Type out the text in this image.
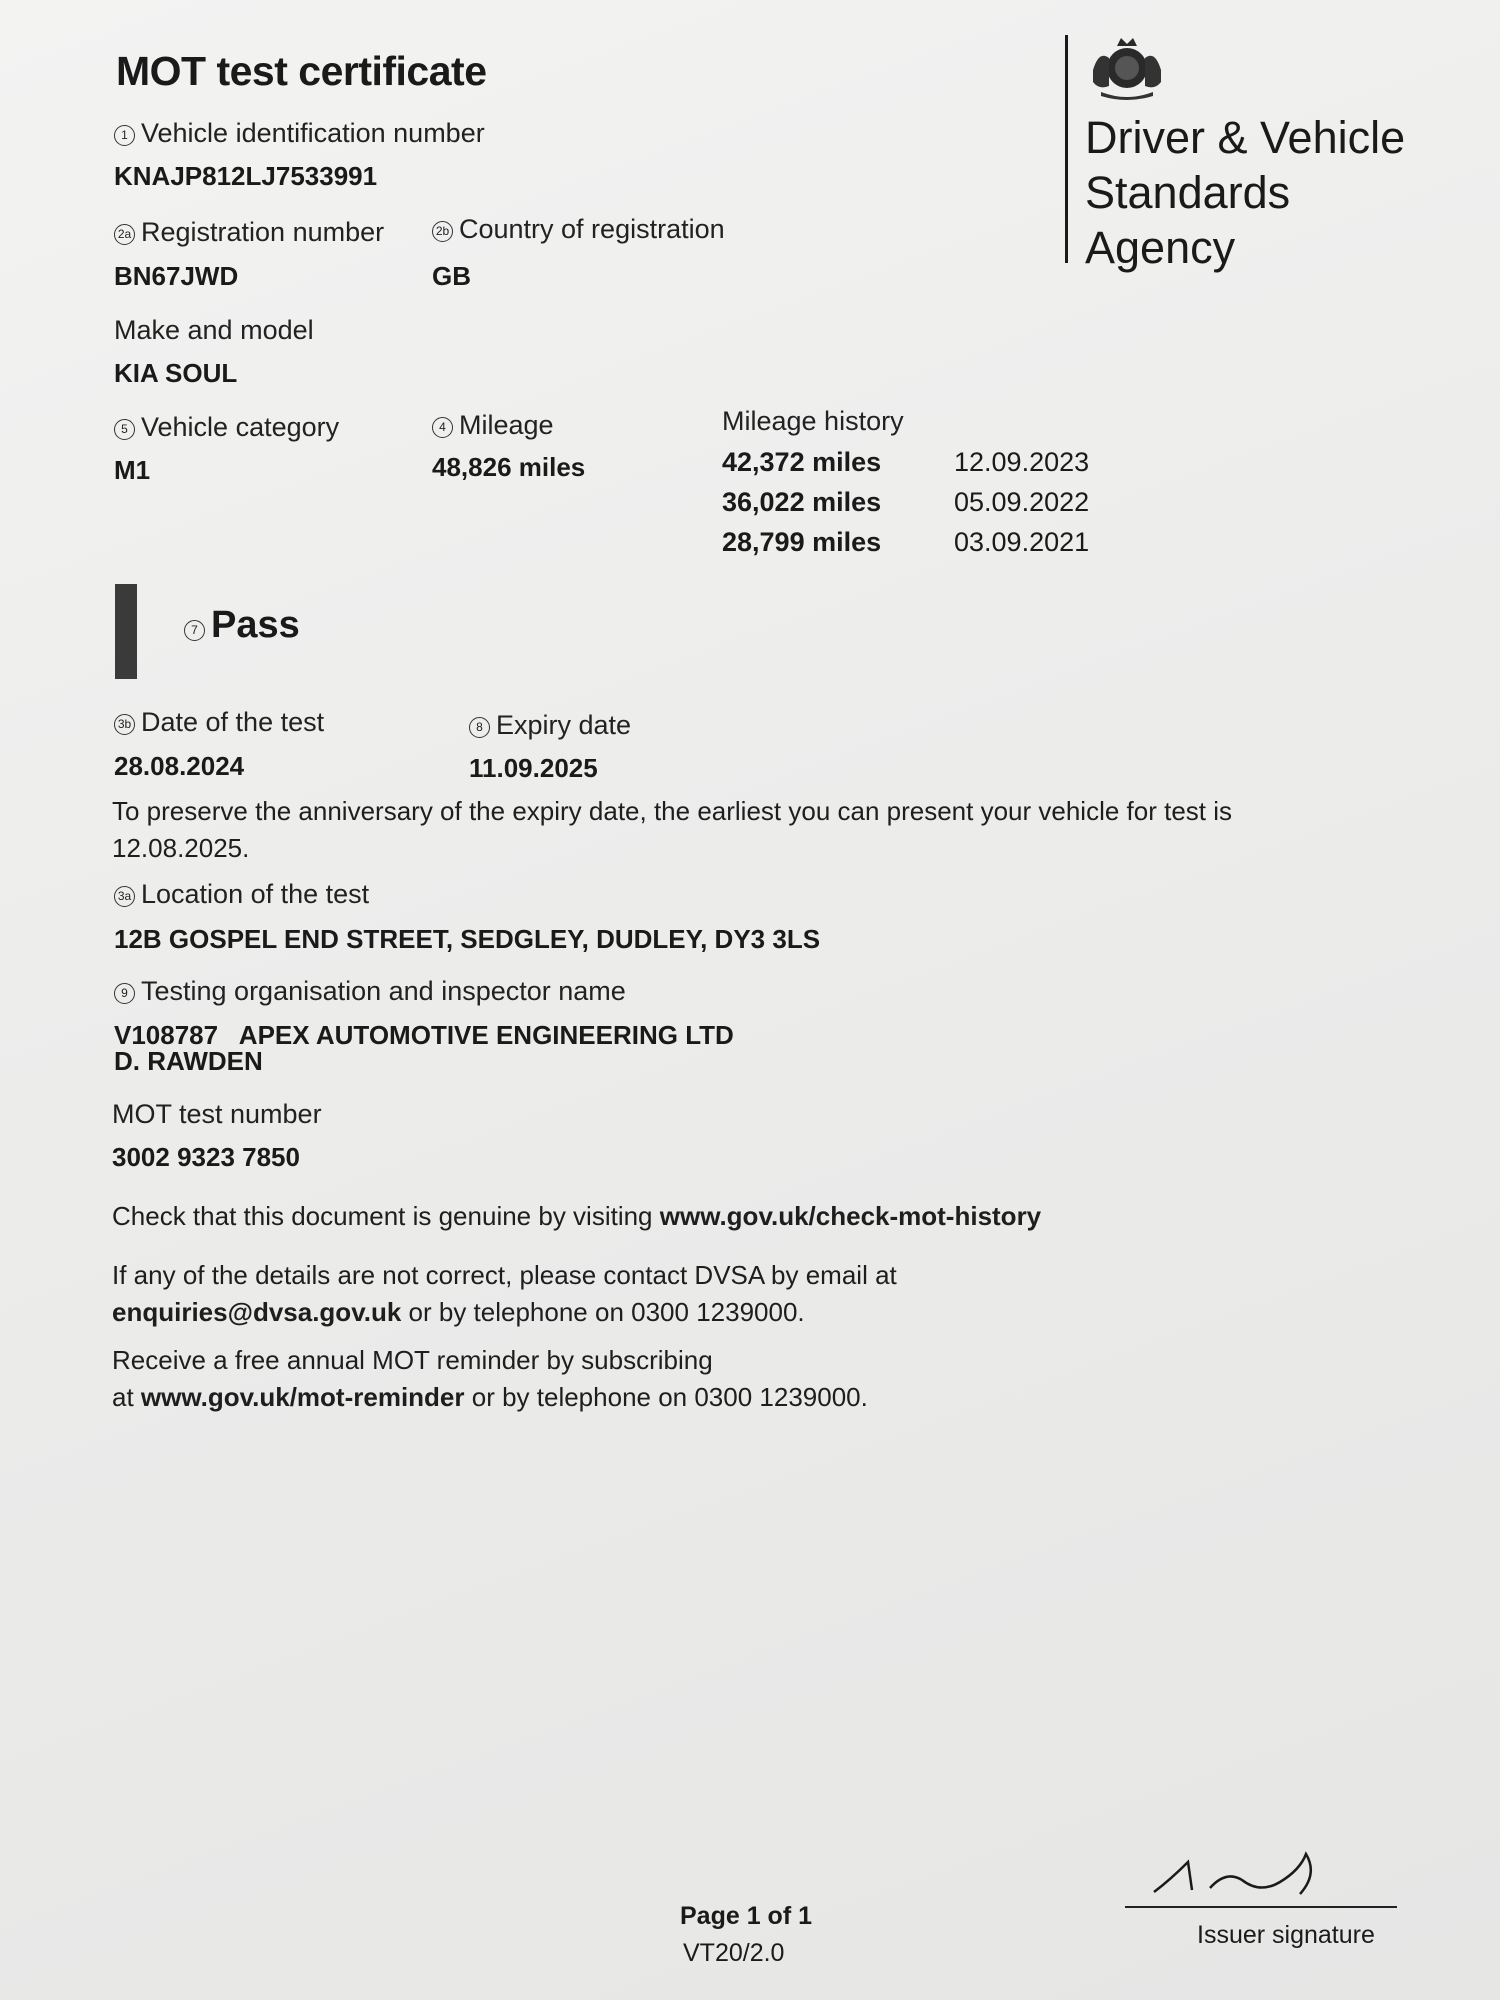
MOT test certificate
Driver & Vehicle
Standards
Agency
1 Vehicle identification number
KNAJP812LJ7533991
2a Registration number
BN67JWD
2b Country of registration
GB
Make and model
KIA SOUL
5 Vehicle category
M1
4 Mileage
48,826 miles
Mileage history
42,372 miles	12.09.2023
36,022 miles	05.09.2022
28,799 miles	03.09.2021
7 Pass
3b Date of the test
28.08.2024
8 Expiry date
11.09.2025
To preserve the anniversary of the expiry date, the earliest you can present your vehicle for test is
12.08.2025.
3a Location of the test
12B GOSPEL END STREET, SEDGLEY, DUDLEY, DY3 3LS
9 Testing organisation and inspector name
V108787   APEX AUTOMOTIVE ENGINEERING LTD
D. RAWDEN
MOT test number
3002 9323 7850
Check that this document is genuine by visiting www.gov.uk/check-mot-history
If any of the details are not correct, please contact DVSA by email at
enquiries@dvsa.gov.uk or by telephone on 0300 1239000.
Receive a free annual MOT reminder by subscribing
at www.gov.uk/mot-reminder or by telephone on 0300 1239000.
Issuer signature
Page 1 of 1
VT20/2.0
